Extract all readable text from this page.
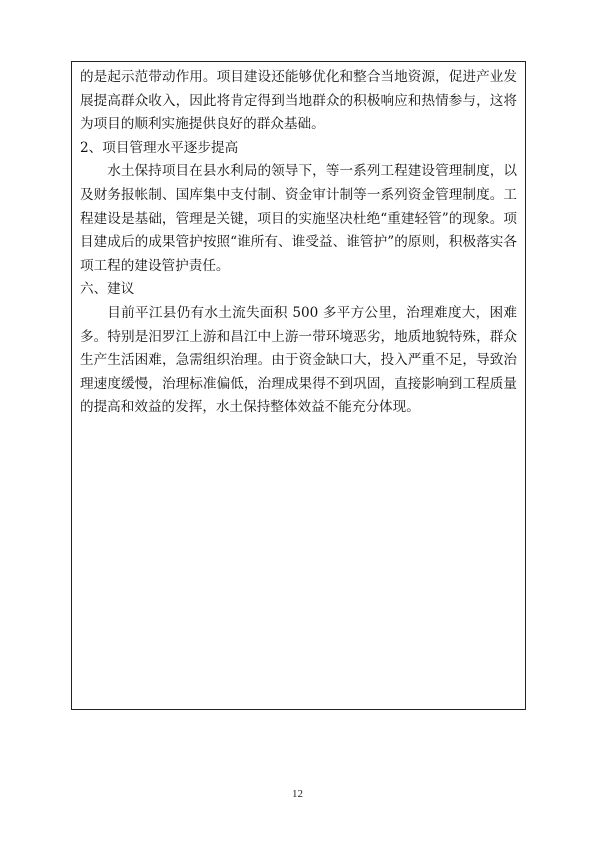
的是起示范带动作用。项目建设还能够优化和整合当地资源，促进产业发展提高群众收入，因此将肯定得到当地群众的积极响应和热情参与，这将为项目的顺利实施提供良好的群众基础。

2、项目管理水平逐步提高

水土保持项目在县水利局的领导下，等一系列工程建设管理制度，以及财务报帐制、国库集中支付制、资金审计制等一系列资金管理制度。工程建设是基础，管理是关键，项目的实施坚决杜绝“重建轻管”的现象。项目建成后的成果管护按照“谁所有、谁受益、谁管护”的原则，积极落实各项工程的建设管护责任。

六、建议

目前平江县仍有水土流失面积 500 多平方公里，治理难度大，困难多。特别是汨罗江上游和昌江中上游一带环境恶劣，地质地貌特殊，群众生产生活困难，急需组织治理。由于资金缺口大，投入严重不足，导致治理速度缓慢，治理标准偏低，治理成果得不到巩固，直接影响到工程质量的提高和效益的发挥，水土保持整体效益不能充分体现。

12
